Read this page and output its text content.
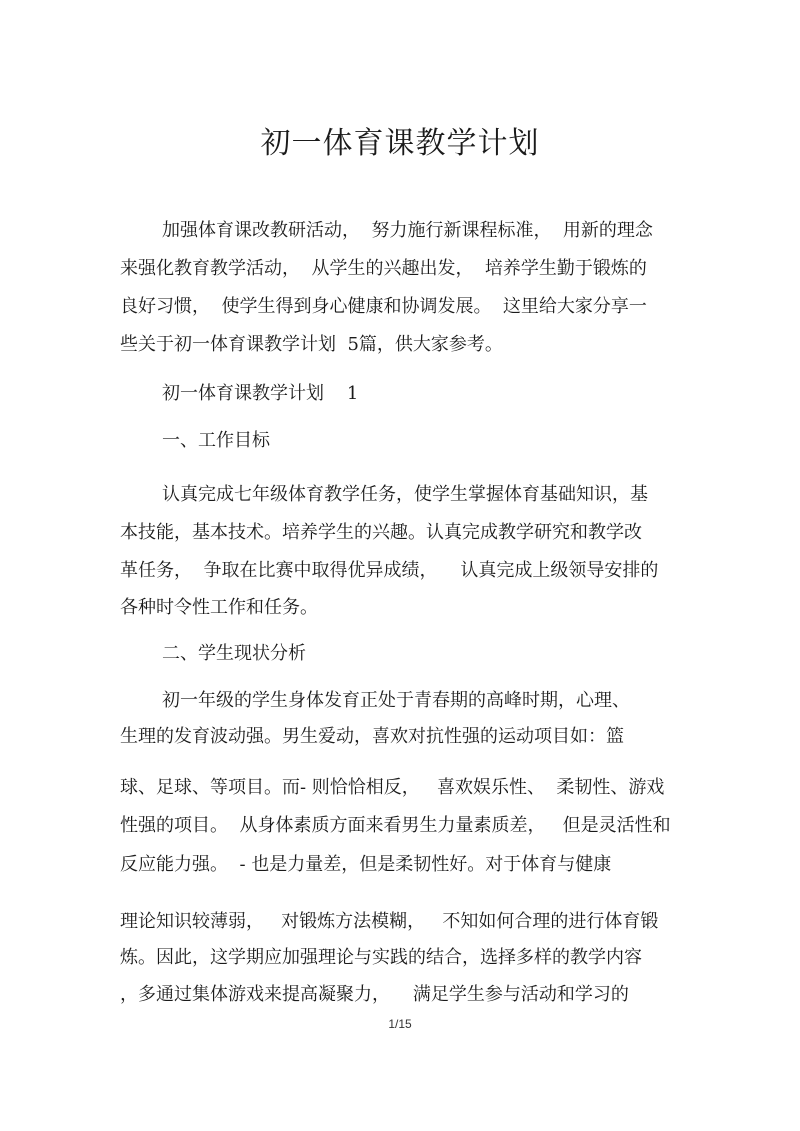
初一体育课教学计划
加强体育课改教研活动，  努力施行新课程标准，  用新的理念
来强化教育教学活动，  从学生的兴趣出发，  培养学生勤于锻炼的
良好习惯，  使学生得到身心健康和协调发展。  这里给大家分享一
些关于初一体育课教学计划  5篇，供大家参考。
初一体育课教学计划    1
一、工作目标
认真完成七年级体育教学任务，使学生掌握体育基础知识，基
本技能，基本技术。培养学生的兴趣。认真完成教学研究和教学改
革任务，  争取在比赛中取得优异成绩，    认真完成上级领导安排的
各种时令性工作和任务。
二、学生现状分析
初一年级的学生身体发育正处于青春期的高峰时期，心理、
生理的发育波动强。男生爱动，喜欢对抗性强的运动项目如：篮
球、足球、等项目。而- 则恰恰相反，   喜欢娱乐性、  柔韧性、游戏
性强的项目。  从身体素质方面来看男生力量素质差，   但是灵活性和
反应能力强。  - 也是力量差，但是柔韧性好。对于体育与健康
理论知识较薄弱，   对锻炼方法模糊，   不知如何合理的进行体育锻
炼。因此，这学期应加强理论与实践的结合，选择多样的教学内容
，多通过集体游戏来提高凝聚力，    满足学生参与活动和学习的
1/15
